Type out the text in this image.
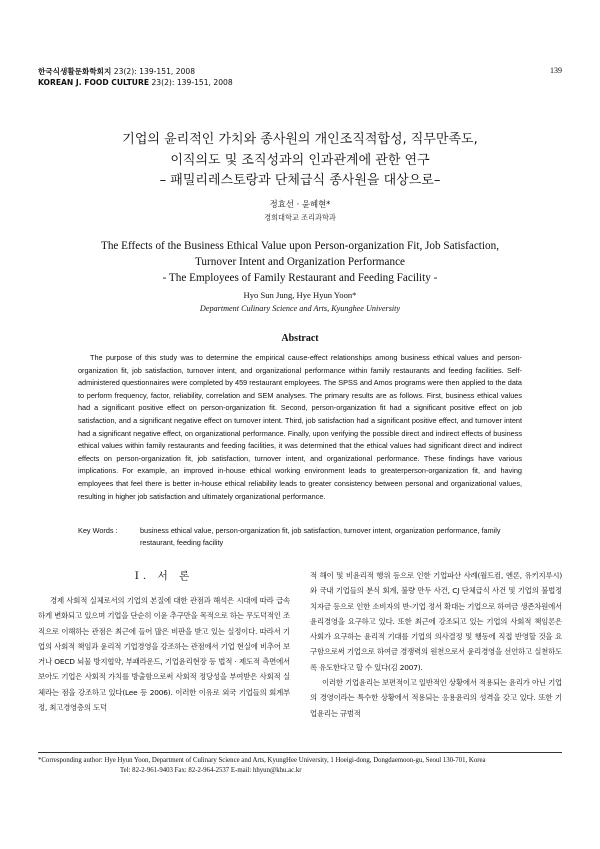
한국식생활문화학회지 23(2): 139-151, 2008
KOREAN J. FOOD CULTURE 23(2): 139-151, 2008
139
기업의 윤리적인 가치와 종사원의 개인조직적합성, 직무만족도,
이직의도 및 조직성과의 인과관계에 관한 연구
– 패밀리레스토랑과 단체급식 종사원을 대상으로–
정효선 · 윤혜현*
경희대학교 조리과학과
The Effects of the Business Ethical Value upon Person-organization Fit, Job Satisfaction,
Turnover Intent and Organization Performance
- The Employees of Family Restaurant and Feeding Facility -
Hyo Sun Jung, Hye Hyun Yoon*
Department Culinary Science and Arts, Kyunghee University
Abstract
The purpose of this study was to determine the empirical cause-effect relationships among business ethical values and person-organization fit, job satisfaction, turnover intent, and organizational performance within family restaurants and feeding facilities. Self-administered questionnaires were completed by 459 restaurant employees. The SPSS and Amos programs were then applied to the data to perform frequency, factor, reliability, correlation and SEM analyses. The primary results are as follows. First, business ethical values had a significant positive effect on person-organization fit. Second, person-organization fit had a significant positive effect on job satisfaction, and a significant negative effect on turnover intent. Third, job satisfaction had a significant positive effect, and turnover intent had a significant negative effect, on organizational performance. Finally, upon verifying the possible direct and indirect effects of business ethical values within family restaurants and feeding facilities, it was determined that the ethical values had significant direct and indirect effects on person-organization fit, job satisfaction, turnover intent, and organizational performance. These findings have various implications. For example, an improved in-house ethical working environment leads to greaterperson-organization fit, and having employees that feel there is better in-house ethical reliability leads to greater consistency between personal and organizational values, resulting in higher job satisfaction and ultimately organizational performance.
Key Words :	business ethical value, person-organization fit, job satisfaction, turnover intent, organization performance, family restaurant, feeding facility
Ⅰ. 서 론

경제 사회적 실체로서의 기업의 본질에 대한 관점과 해석은 시대에 따라 급속하게 변화되고 있으며 기업을 단순히 이윤 추구만을 목적으로 하는 무도덕적인 조직으로 이해하는 관점은 최근에 들어 많은 비판을 받고 있는 실정이다. 따라서 기업의 사회적 책임과 윤리적 기업경영을 강조하는 관점에서 기업 현실에 비추어 보거나 OECD 뇌물 방지협약, 부패라운드, 기업윤리현장 등 법적 · 제도적 측면에서 보아도 기업은 사회적 가치를 방출함으로써 사회적 정당성을 부여받은 사회적 실체라는 점을 강조하고 있다(Lee 등 2006). 이러한 이유로 외국 기업들의 회계부정, 최고경영층의 도덕

적 해이 및 비윤리적 행위 등으로 인한 기업파산 사례(월드컴, 엔론, 유키지루시)와 국내 기업들의 분식 회계, 불량 만두 사건, CJ 단체급식 사건 및 기업의 불법정치자금 등으로 인한 소비자의 반-기업 정서 확대는 기업으로 하여금 생존차원에서 윤리경영을 요구하고 있다. 또한 최근에 강조되고 있는 기업의 사회적 책임론은 사회가 요구하는 윤리적 기대를 기업의 의사결정 및 행동에 직접 반영할 것을 요구함으로써 기업으로 하여금 경쟁력의 원천으로서 윤리경영을 선언하고 실천하도록 유도한다고 할 수 있다(김 2007).

이러한 기업윤리는 보편적이고 일반적인 상황에서 적용되는 윤리가 아닌 기업의 경영이라는 특수한 상황에서 적용되는 응용윤리의 성격을 갖고 있다. 또한 기업윤리는 규범적

*Corresponding author: Hye Hyun Yoon, Department of Culinary Science and Arts, KyungHee University, 1 Hoeigi-dong, Dongdaemoon-gu, Seoul 130-701, Korea
Tel: 82-2-961-9403 Fax: 82-2-964-2537 E-mail: hhyun@khu.ac.kr
